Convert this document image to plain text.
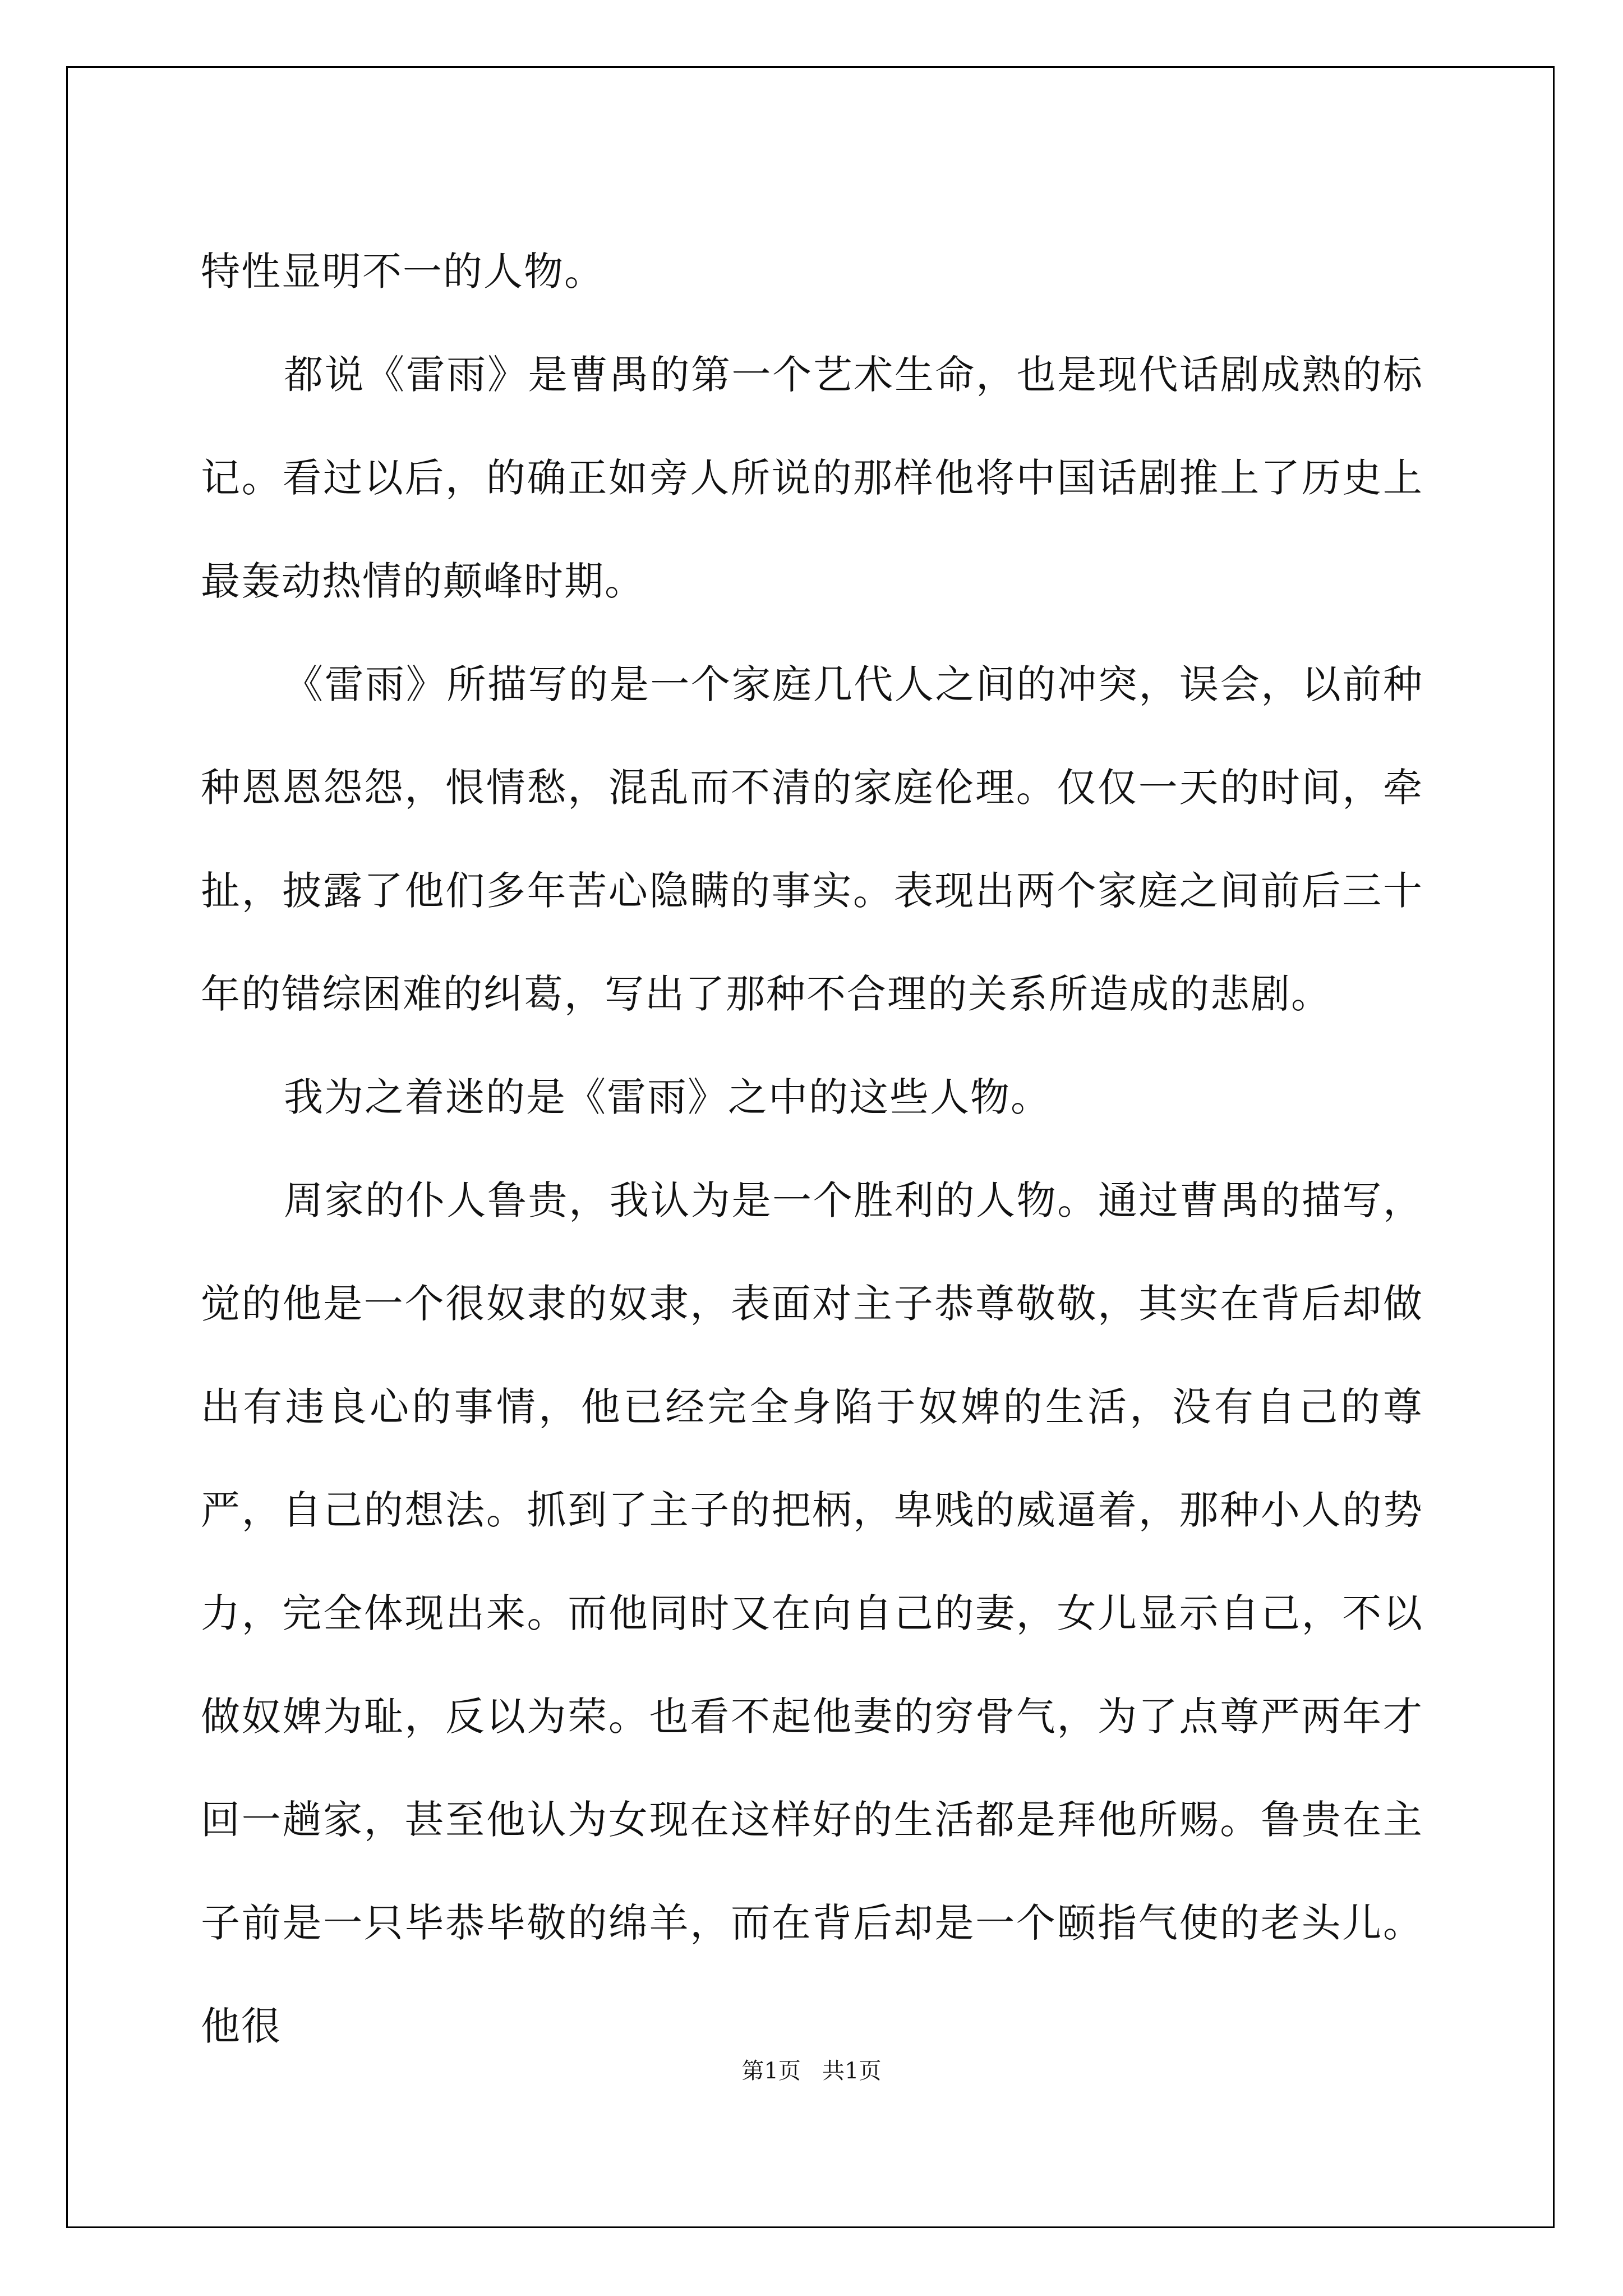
特性显明不一的人物。

都说《雷雨》是曹禺的第一个艺术生命，也是现代话剧成熟的标记。看过以后，的确正如旁人所说的那样他将中国话剧推上了历史上最轰动热情的颠峰时期。

《雷雨》所描写的是一个家庭几代人之间的冲突，误会，以前种种恩恩怨怨，恨情愁，混乱而不清的家庭伦理。仅仅一天的时间，牵扯，披露了他们多年苦心隐瞒的事实。表现出两个家庭之间前后三十年的错综困难的纠葛，写出了那种不合理的关系所造成的悲剧。

我为之着迷的是《雷雨》之中的这些人物。

周家的仆人鲁贵，我认为是一个胜利的人物。通过曹禺的描写，觉的他是一个很奴隶的奴隶，表面对主子恭尊敬敬，其实在背后却做出有违良心的事情，他已经完全身陷于奴婢的生活，没有自己的尊严，自己的想法。抓到了主子的把柄，卑贱的威逼着，那种小人的势力，完全体现出来。而他同时又在向自己的妻，女儿显示自己，不以做奴婢为耻，反以为荣。也看不起他妻的穷骨气，为了点尊严两年才回一趟家，甚至他认为女现在这样好的生活都是拜他所赐。鲁贵在主子前是一只毕恭毕敬的绵羊，而在背后却是一个颐指气使的老头儿。他很

第1页   共1页
